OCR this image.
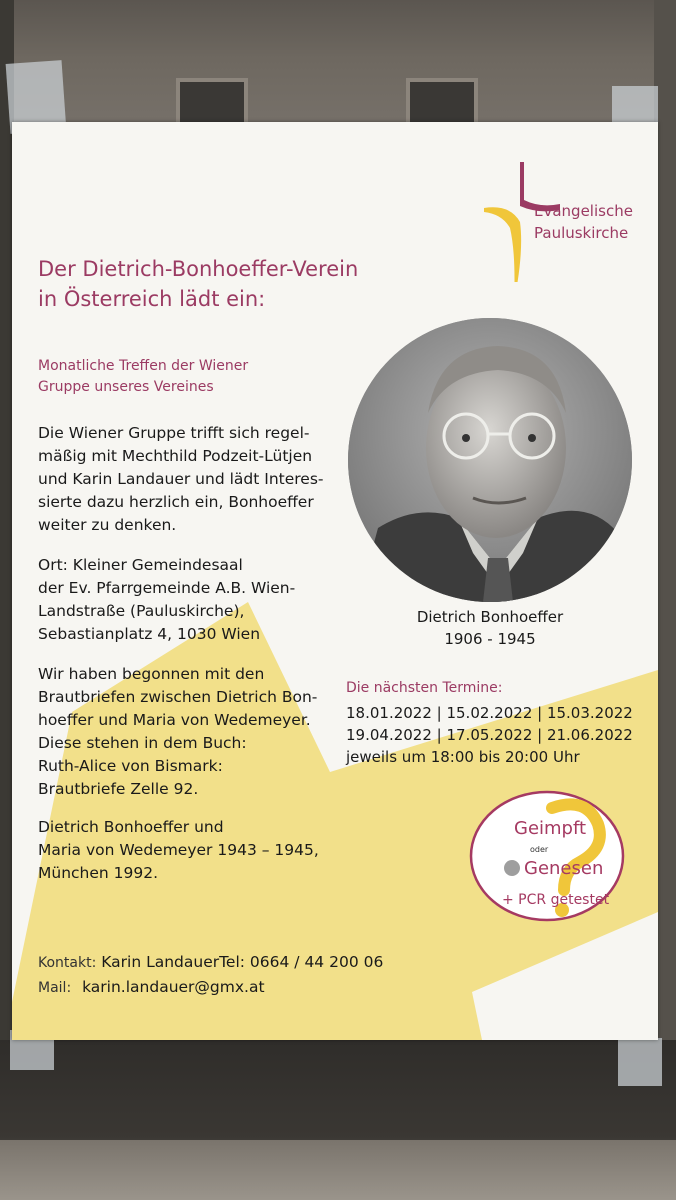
Evangelische
Pauluskirche
Der Dietrich-Bonhoeffer-Verein
in Österreich lädt ein:
Monatliche Treffen der Wiener
Gruppe unseres Vereines
Die Wiener Gruppe trifft sich regel-
mäßig mit Mechthild Podzeit-Lütjen
und Karin Landauer und lädt Interes-
sierte dazu herzlich ein, Bonhoeffer
weiter zu denken.
Ort: Kleiner Gemeindesaal
der Ev. Pfarrgemeinde A.B. Wien-
Landstraße (Pauluskirche),
Sebastianplatz 4, 1030 Wien
Wir haben begonnen mit den
Brautbriefen zwischen Dietrich Bon-
hoeffer und Maria von Wedemeyer.
Diese stehen in dem Buch:
Ruth-Alice von Bismark:
Brautbriefe Zelle 92.
Dietrich Bonhoeffer und
Maria von Wedemeyer 1943 – 1945,
München 1992.
Dietrich Bonhoeffer
1906 - 1945
Die nächsten Termine:
18.01.2022 | 15.02.2022 | 15.03.2022
19.04.2022 | 17.05.2022 | 21.06.2022
jeweils um 18:00 bis 20:00 Uhr
Geimpft
oder
Genesen
+ PCR getestet
Kontakt: Karin LandauerTel: 0664 / 44 200 06
Mail: karin.landauer@gmx.at
